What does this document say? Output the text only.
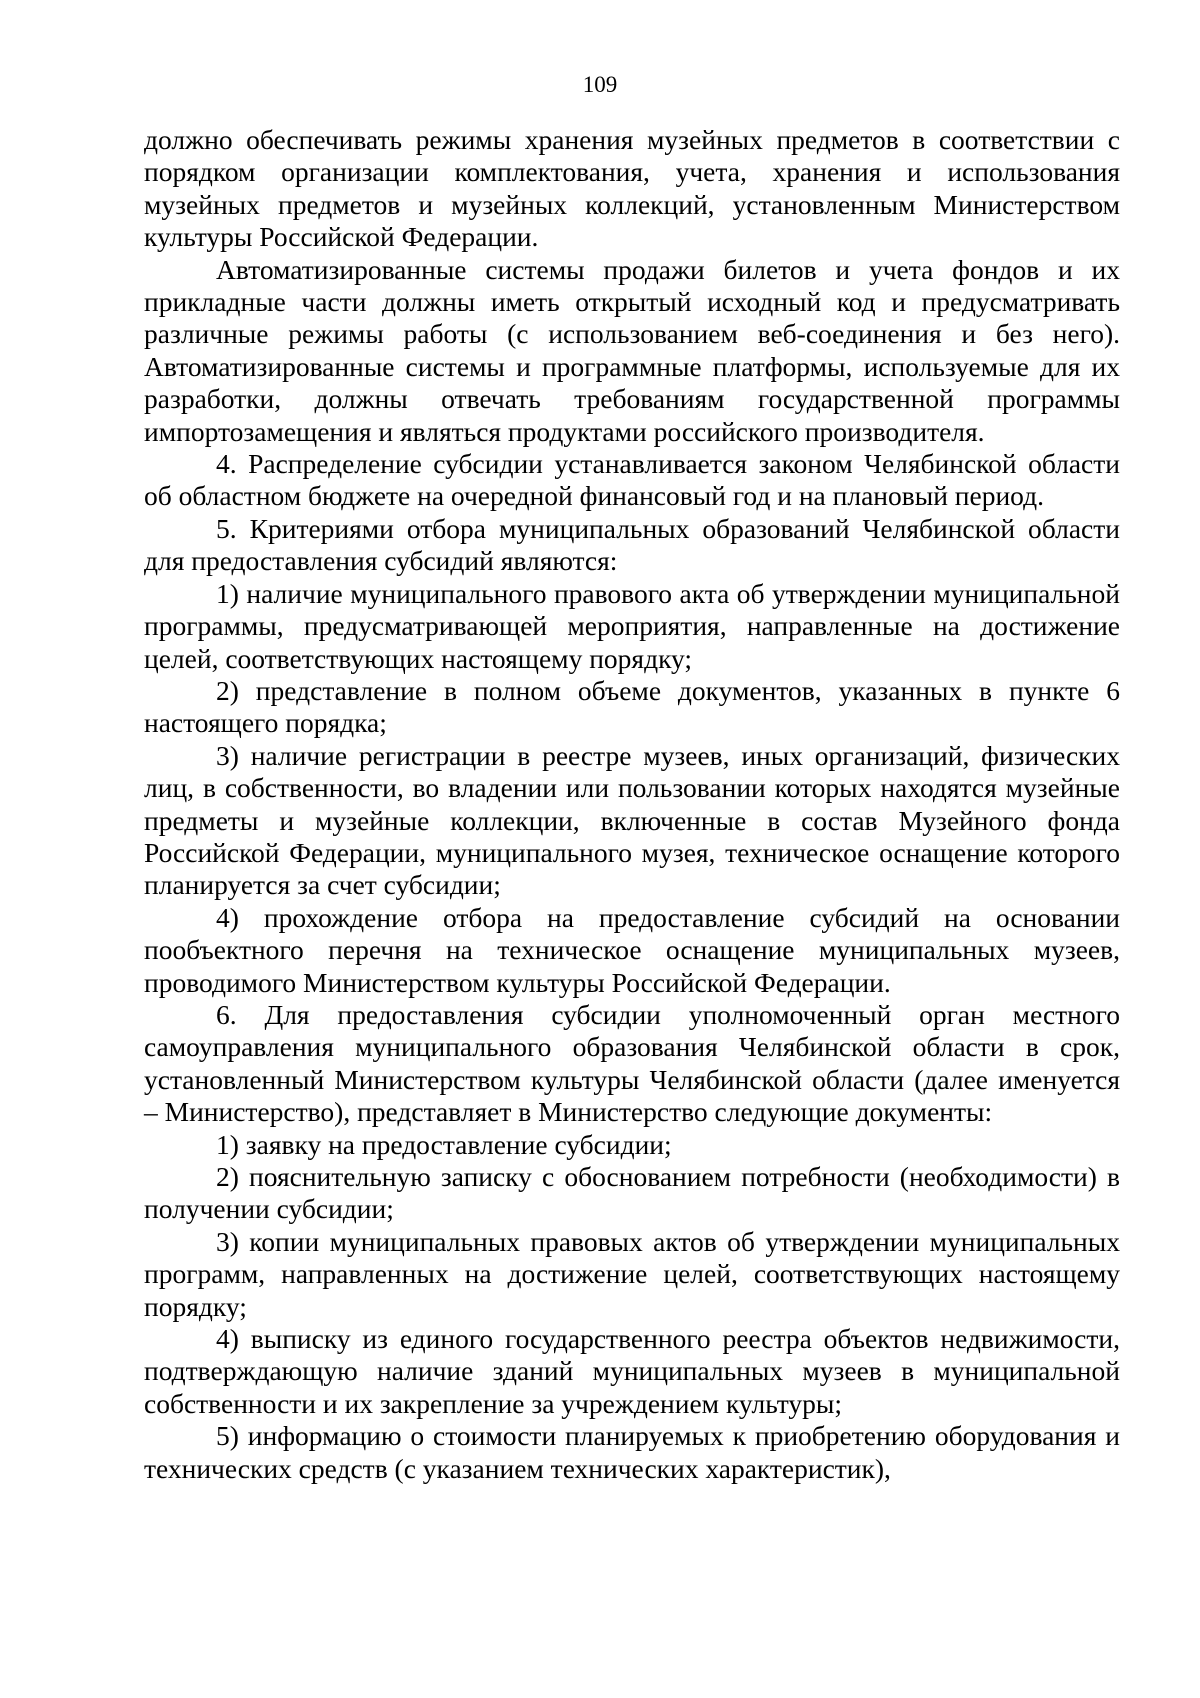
109

должно обеспечивать режимы хранения музейных предметов в соответствии с порядком организации комплектования, учета, хранения и использования музейных предметов и музейных коллекций, установленным Министерством культуры Российской Федерации.

Автоматизированные системы продажи билетов и учета фондов и их прикладные части должны иметь открытый исходный код и предусматривать различные режимы работы (с использованием веб-соединения и без него). Автоматизированные системы и программные платформы, используемые для их разработки, должны отвечать требованиям государственной программы импортозамещения и являться продуктами российского производителя.

4. Распределение субсидии устанавливается законом Челябинской области об областном бюджете на очередной финансовый год и на плановый период.

5. Критериями отбора муниципальных образований Челябинской области для предоставления субсидий являются:

1) наличие муниципального правового акта об утверждении муниципальной программы, предусматривающей мероприятия, направленные на достижение целей, соответствующих настоящему порядку;

2) представление в полном объеме документов, указанных в пункте 6 настоящего порядка;

3) наличие регистрации в реестре музеев, иных организаций, физических лиц, в собственности, во владении или пользовании которых находятся музейные предметы и музейные коллекции, включенные в состав Музейного фонда Российской Федерации, муниципального музея, техническое оснащение которого планируется за счет субсидии;

4) прохождение отбора на предоставление субсидий на основании пообъектного перечня на техническое оснащение муниципальных музеев, проводимого Министерством культуры Российской Федерации.

6. Для предоставления субсидии уполномоченный орган местного самоуправления муниципального образования Челябинской области в срок, установленный Министерством культуры Челябинской области (далее именуется – Министерство), представляет в Министерство следующие документы:

1) заявку на предоставление субсидии;

2) пояснительную записку с обоснованием потребности (необходимости) в получении субсидии;

3) копии муниципальных правовых актов об утверждении муниципальных программ, направленных на достижение целей, соответствующих настоящему порядку;

4) выписку из единого государственного реестра объектов недвижимости, подтверждающую наличие зданий муниципальных музеев в муниципальной собственности и их закрепление за учреждением культуры;

5) информацию о стоимости планируемых к приобретению оборудования и технических средств (с указанием технических характеристик),
